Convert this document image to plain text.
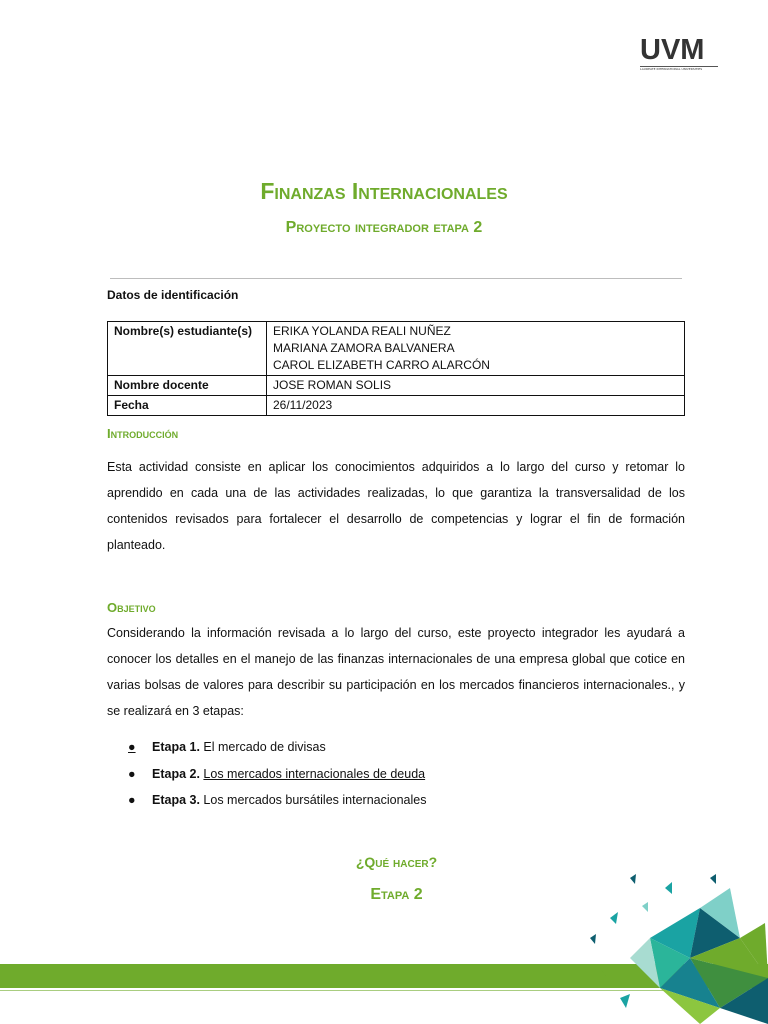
UVM
LAUREATE INTERNATIONAL UNIVERSITIES
Finanzas Internacionales
Proyecto integrador etapa 2
Datos de identificación
Nombre(s) estudiante(s)	ERIKA YOLANDA REALI NUÑEZ
MARIANA ZAMORA BALVANERA
CAROL ELIZABETH CARRO ALARCÓN

Nombre docente	JOSE ROMAN SOLIS
Fecha	26/11/2023
Introducción
Esta actividad consiste en aplicar los conocimientos adquiridos a lo largo del curso y retomar lo aprendido en cada una de las actividades realizadas, lo que garantiza la transversalidad de los contenidos revisados para fortalecer el desarrollo de competencias y lograr el fin de formación planteado.
Objetivo
Considerando la información revisada a lo largo del curso, este proyecto integrador les ayudará a conocer los detalles en el manejo de las finanzas internacionales de una empresa global que cotice en varias bolsas de valores para describir su participación en los mercados financieros internacionales., y se realizará en 3 etapas:
● Etapa 1. El mercado de divisas
● Etapa 2. Los mercados internacionales de deuda
● Etapa 3. Los mercados bursátiles internacionales
¿Qué hacer?
Etapa 2
